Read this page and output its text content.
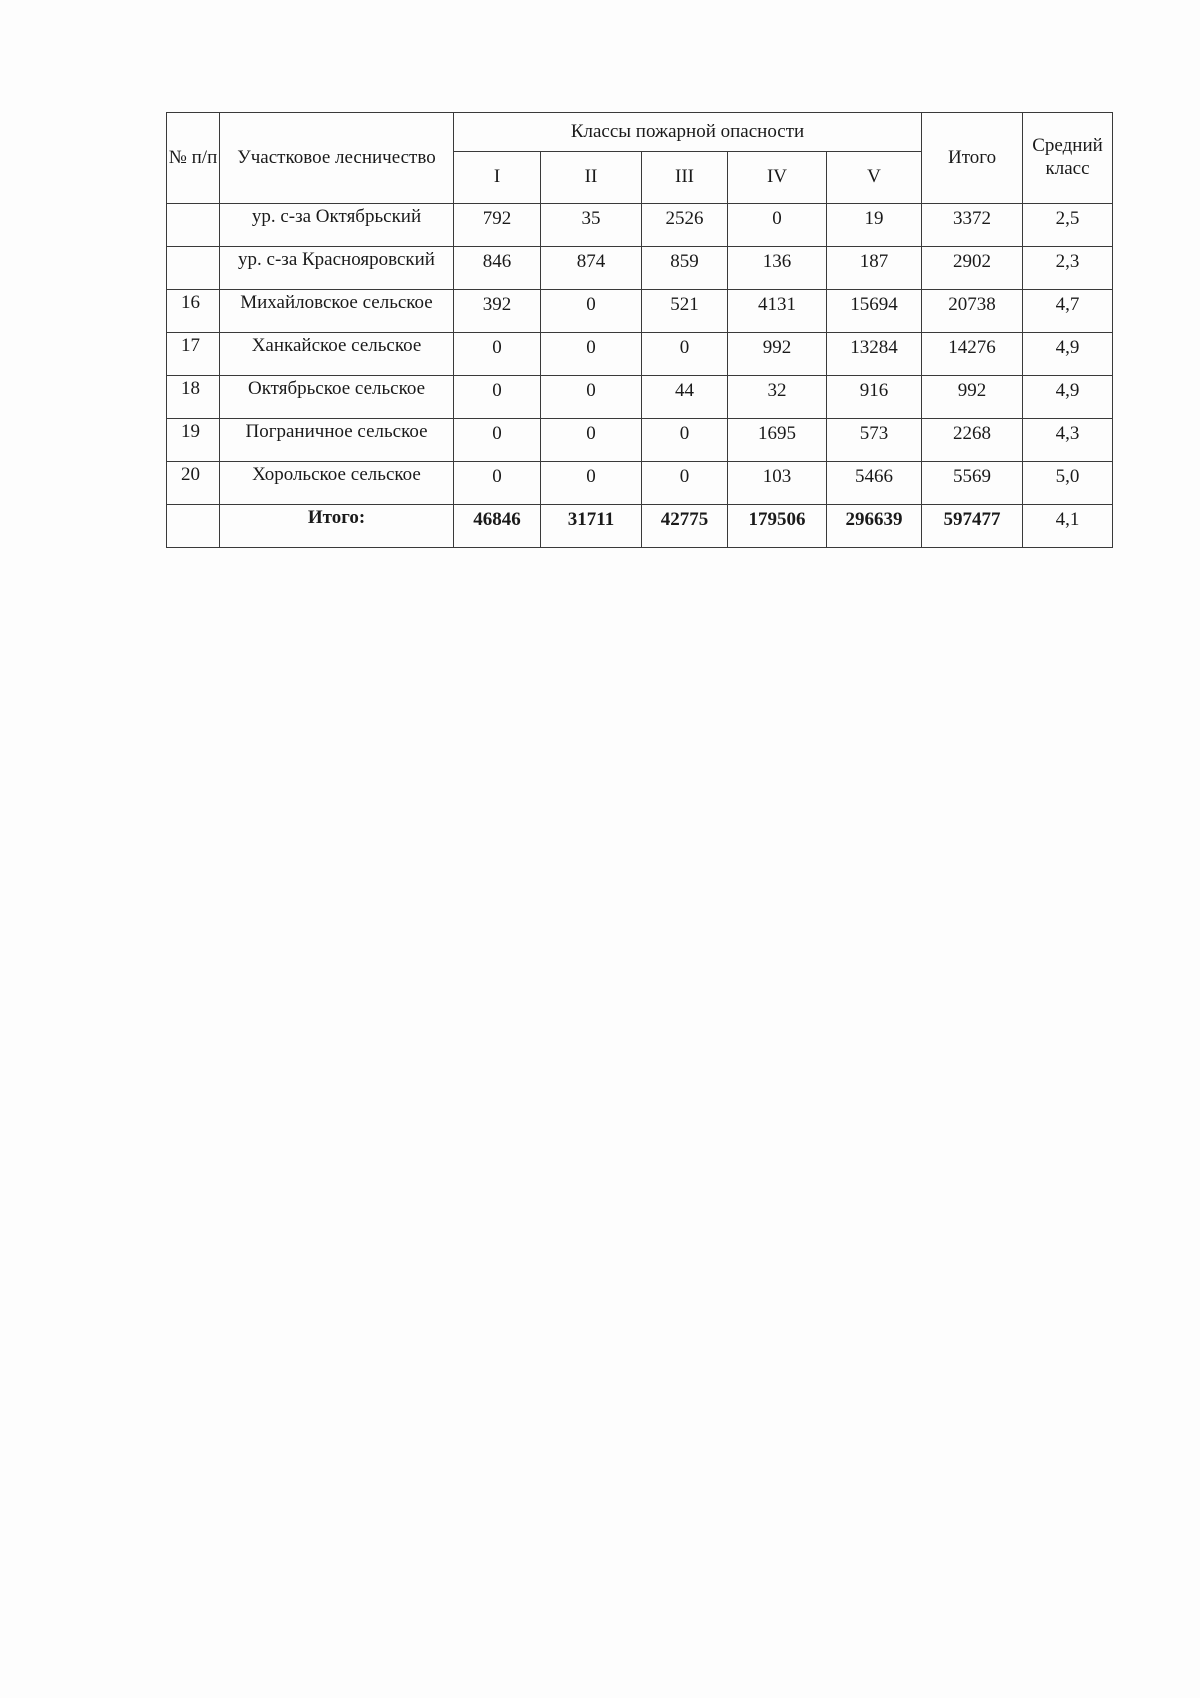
№ п/п	Участковое лесничество	Классы пожарной опасности					Итого	Средний класс
		I	II	III	IV	V		
	ур. с-за Октябрьский	792	35	2526	0	19	3372	2,5
	ур. с-за Краснояровский	846	874	859	136	187	2902	2,3
16	Михайловское сельское	392	0	521	4131	15694	20738	4,7
17	Ханкайское сельское	0	0	0	992	13284	14276	4,9
18	Октябрьское сельское	0	0	44	32	916	992	4,9
19	Пограничное сельское	0	0	0	1695	573	2268	4,3
20	Хорольское сельское	0	0	0	103	5466	5569	5,0
	Итого:	46846	31711	42775	179506	296639	597477	4,1
